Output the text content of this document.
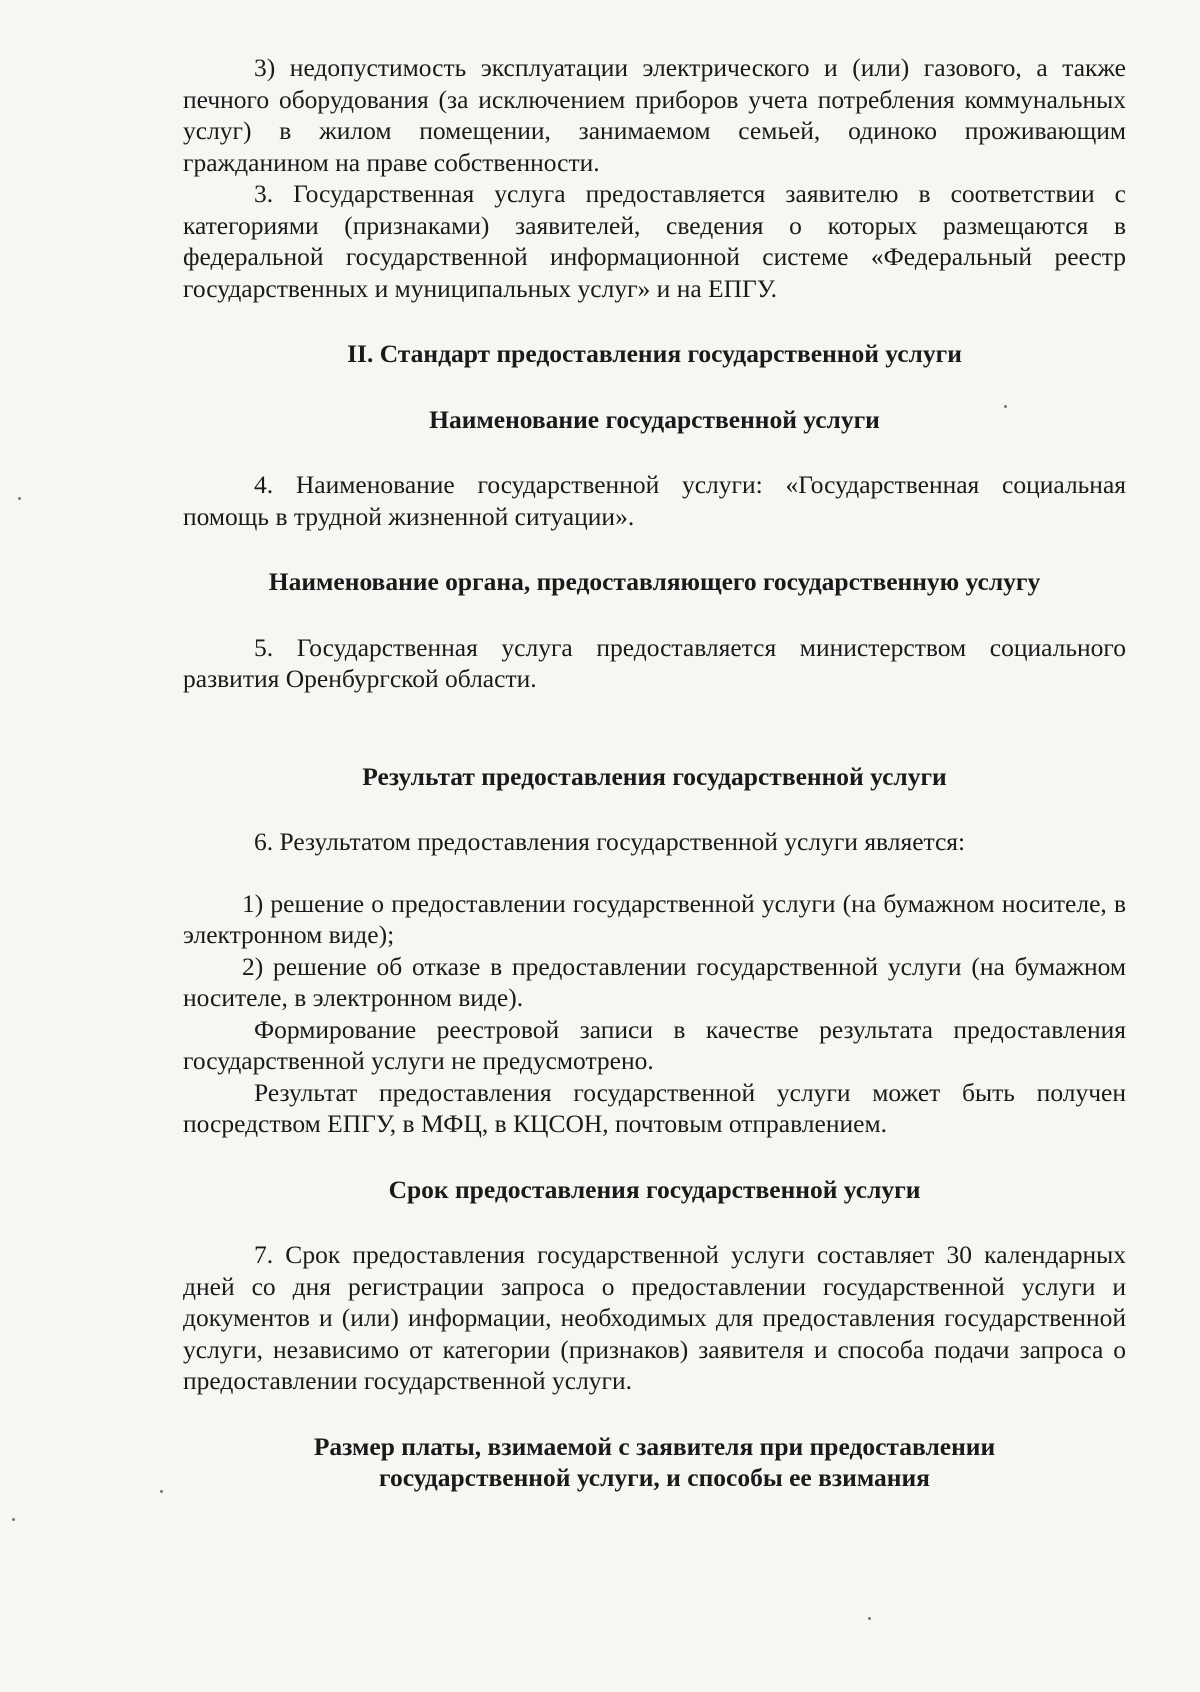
3) недопустимость эксплуатации электрического и (или) газового, а также печного оборудования (за исключением приборов учета потребления коммунальных услуг) в жилом помещении, занимаемом семьей, одиноко проживающим гражданином на праве собственности.

3. Государственная услуга предоставляется заявителю в соответствии с категориями (признаками) заявителей, сведения о которых размещаются в федеральной государственной информационной системе «Федеральный реестр государственных и муниципальных услуг» и на ЕПГУ.

II. Стандарт предоставления государственной услуги

Наименование государственной услуги

4. Наименование государственной услуги: «Государственная социальная помощь в трудной жизненной ситуации».

Наименование органа, предоставляющего государственную услугу

5. Государственная услуга предоставляется министерством социального развития Оренбургской области.

Результат предоставления государственной услуги

6. Результатом предоставления государственной услуги является:

1) решение о предоставлении государственной услуги (на бумажном носителе, в электронном виде);

2) решение об отказе в предоставлении государственной услуги (на бумажном носителе, в электронном виде).

Формирование реестровой записи в качестве результата предоставления государственной услуги не предусмотрено.

Результат предоставления государственной услуги может быть получен посредством ЕПГУ, в МФЦ, в КЦСОН, почтовым отправлением.

Срок предоставления государственной услуги

7. Срок предоставления государственной услуги составляет 30 календарных дней со дня регистрации запроса о предоставлении государственной услуги и документов и (или) информации, необходимых для предоставления государственной услуги, независимо от категории (признаков) заявителя и способа подачи запроса о предоставлении государственной услуги.

Размер платы, взимаемой с заявителя при предоставлении

государственной услуги, и способы ее взимания
